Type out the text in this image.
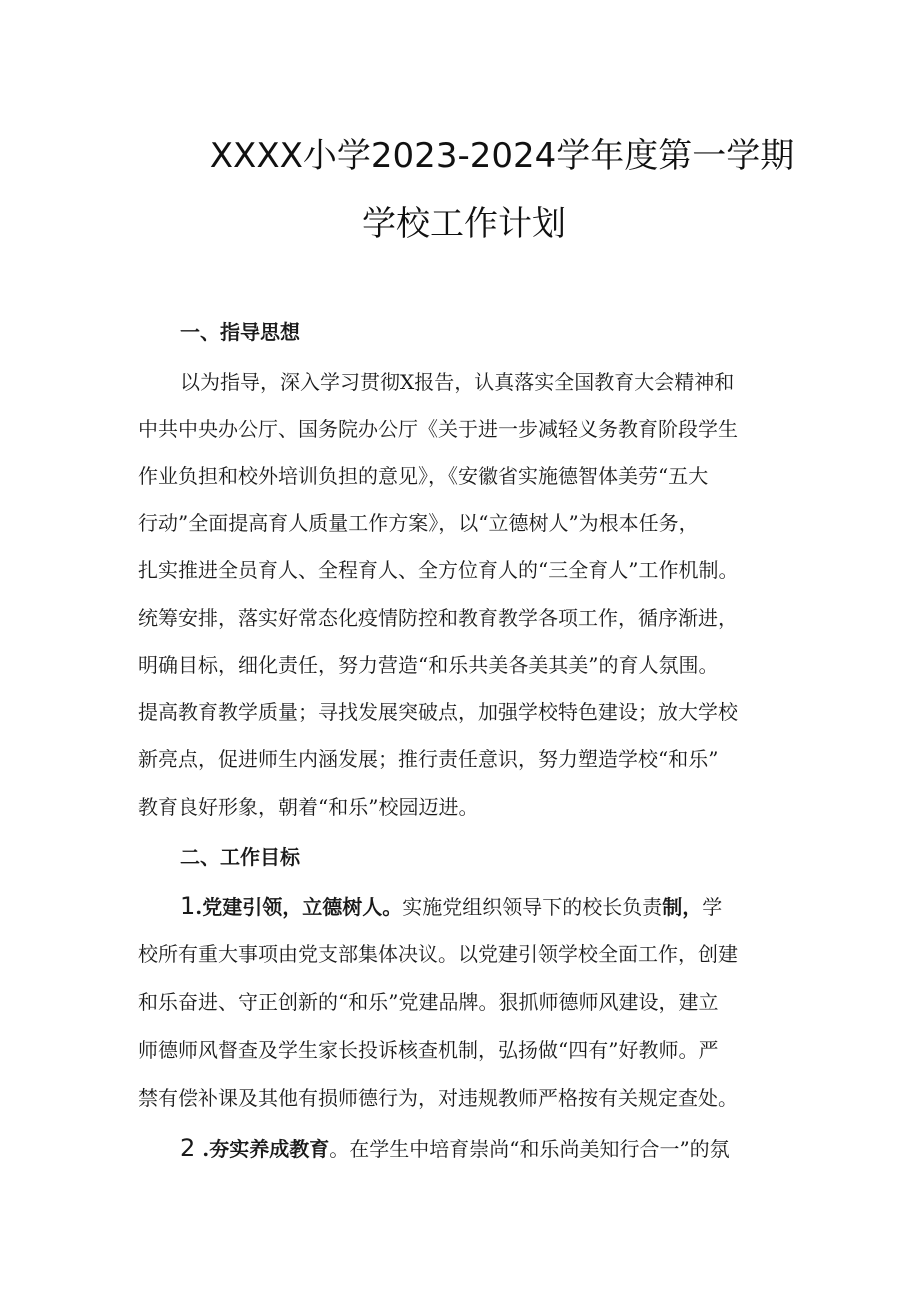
XXXX小学2023-2024学年度第一学期
学校工作计划

一、指导思想

以为指导，深入学习贯彻X报告，认真落实全国教育大会精神和

中共中央办公厅、国务院办公厅《关于进一步减轻义务教育阶段学生

作业负担和校外培训负担的意见》，《安徽省实施德智体美劳“五大

行动”全面提高育人质量工作方案》，以“立德树人”为根本任务，

扎实推进全员育人、全程育人、全方位育人的“三全育人”工作机制。

统筹安排，落实好常态化疫情防控和教育教学各项工作，循序渐进，

明确目标，细化责任，努力营造“和乐共美各美其美”的育人氛围。

提高教育教学质量；寻找发展突破点，加强学校特色建设；放大学校

新亮点，促进师生内涵发展；推行责任意识，努力塑造学校“和乐”

教育良好形象，朝着“和乐”校园迈进。

二、工作目标

1.党建引领，立德树人。实施党组织领导下的校长负责制，学

校所有重大事项由党支部集体决议。以党建引领学校全面工作，创建

和乐奋进、守正创新的“和乐”党建品牌。狠抓师德师风建设，建立

师德师风督查及学生家长投诉核查机制，弘扬做“四有”好教师。严

禁有偿补课及其他有损师德行为，对违规教师严格按有关规定查处。

2 .夯实养成教育。在学生中培育崇尚“和乐尚美知行合一”的氛
